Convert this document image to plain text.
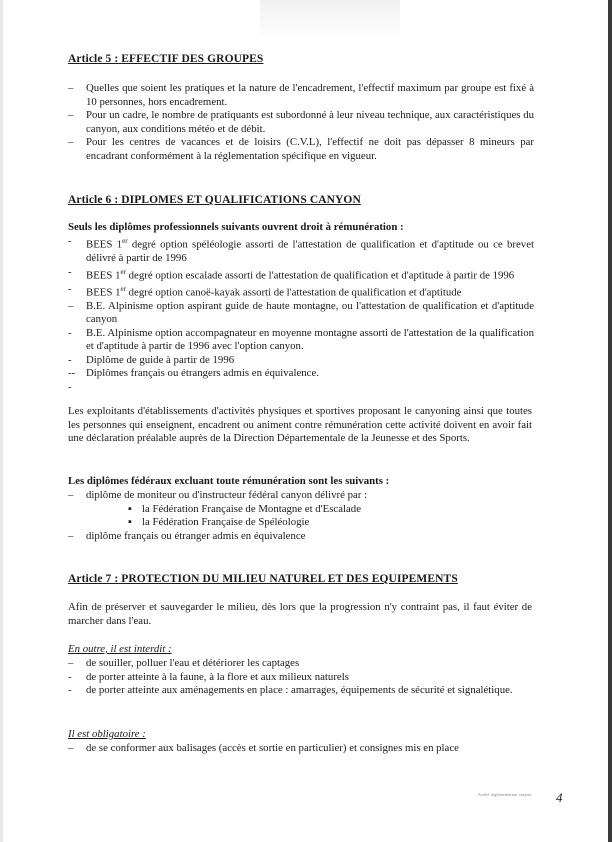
Article 5 : EFFECTIF DES GROUPES
–	Quelles que soient les pratiques et la nature de l'encadrement, l'effectif maximum par groupe est fixé à 10 personnes, hors encadrement.
–	Pour un cadre, le nombre de pratiquants est subordonné à leur niveau technique, aux caractéristiques du canyon, aux conditions météo et de débit.
–	Pour les centres de vacances et de loisirs (C.V.L), l'effectif ne doit pas dépasser 8 mineurs par encadrant conformément à la réglementation spécifique en vigueur.
Article 6 : DIPLOMES ET QUALIFICATIONS CANYON
Seuls les diplômes professionnels suivants ouvrent droit à rémunération :
-	BEES 1er degré option spéléologie assorti de l'attestation de qualification et d'aptitude ou ce brevet délivré à partir de 1996
-	BEES 1er degré option escalade assorti de l'attestation de qualification et d'aptitude à partir de 1996
-	BEES 1er degré option canoë-kayak assorti de l'attestation de qualification et d'aptitude
–	B.E. Alpinisme option aspirant guide de haute montagne, ou l'attestation de qualification et d'aptitude canyon
-	B.E. Alpinisme option accompagnateur en moyenne montagne assorti de l'attestation de la qualification et d'aptitude à partir de 1996 avec l'option canyon.
-	Diplôme de guide à partir de 1996
-- Diplômes français ou étrangers admis en équivalence.
-

Les exploitants d'établissements d'activités physiques et sportives proposant le canyoning ainsi que toutes les personnes qui enseignent, encadrent ou animent contre rémunération cette activité doivent en avoir fait une déclaration préalable auprès de la Direction Départementale de la Jeunesse et des Sports.
Les diplômes fédéraux excluant toute rémunération sont les suivants :
–	diplôme de moniteur ou d'instructeur fédéral canyon délivré par :
▪ la Fédération Française de Montagne et d'Escalade
▪ la Fédération Française de Spéléologie
–	diplôme français ou étranger admis en équivalence
Article 7 : PROTECTION DU MILIEU NATUREL ET DES EQUIPEMENTS
Afin de préserver et sauvegarder le milieu, dès lors que la progression n'y contraint pas, il faut éviter de marcher dans l'eau.
En outre, il est interdit :
–	de souiller, polluer l'eau et détériorer les captages
-	de porter atteinte à la faune, à la flore et aux milieux naturels
-	de porter atteinte aux aménagements en place : amarrages, équipements de sécurité et signalétique.
Il est obligatoire :
–	de se conformer aux balisages (accès et sortie en particulier) et consignes mis en place
Arrêté réglementation canyon 4
